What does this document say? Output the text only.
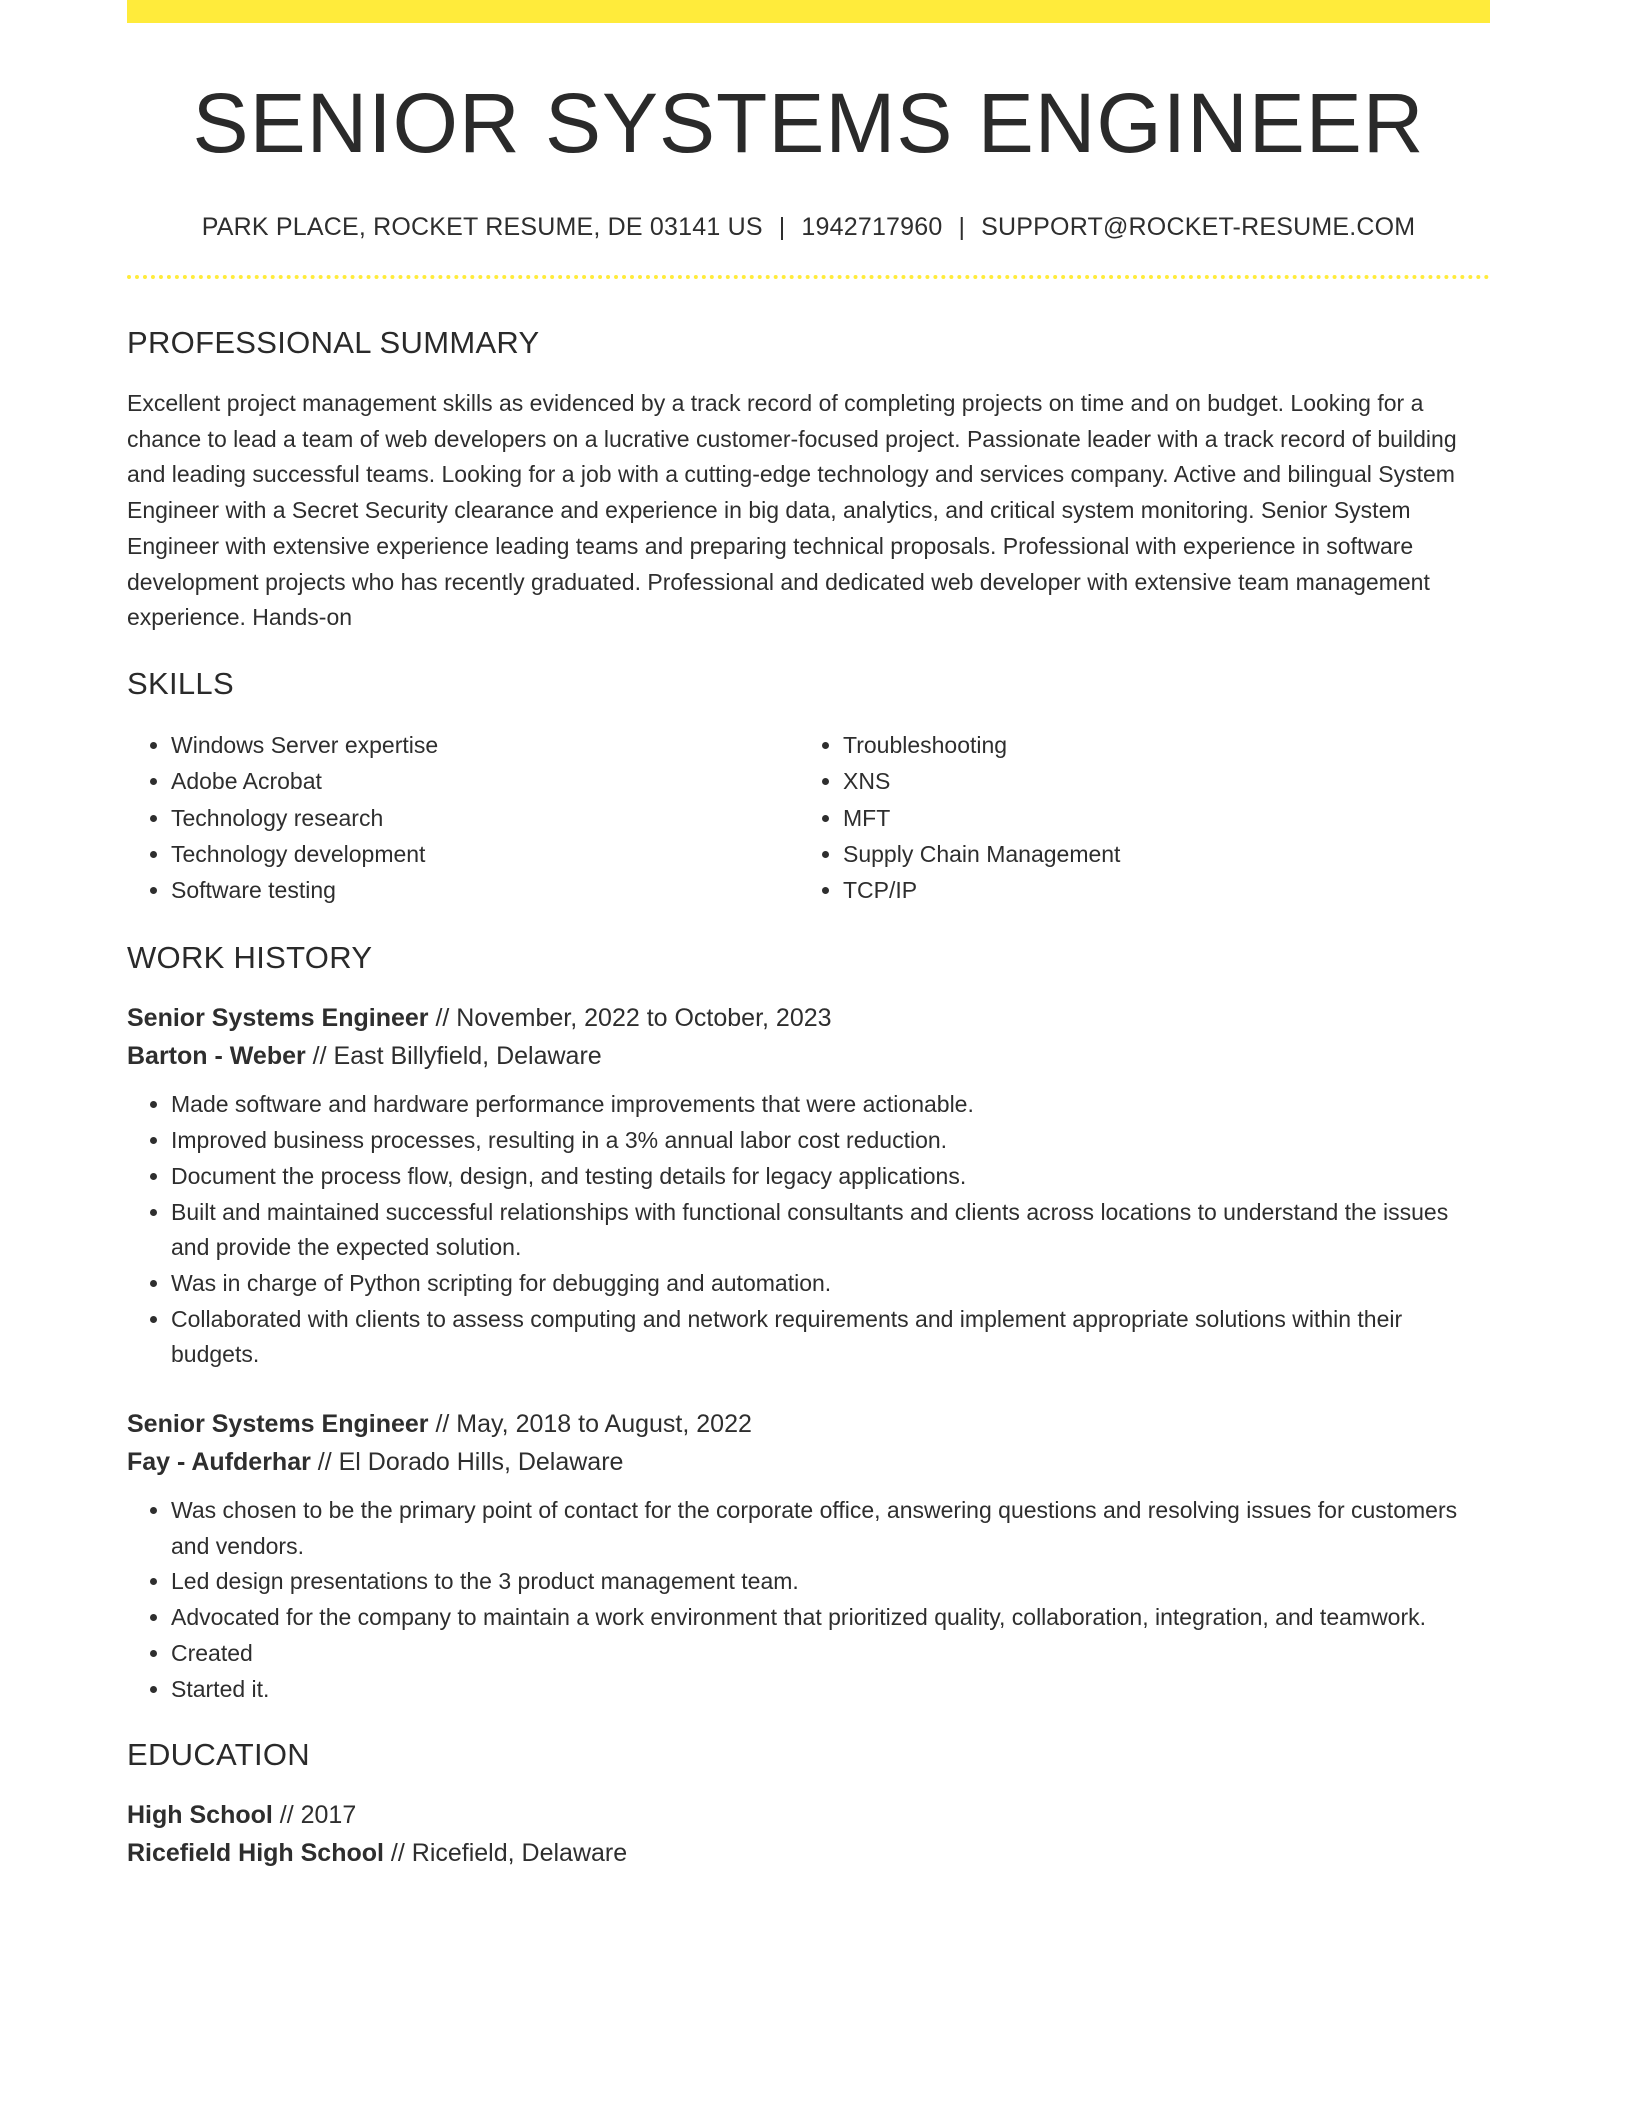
SENIOR SYSTEMS ENGINEER
PARK PLACE, ROCKET RESUME, DE 03141 US | 1942717960 | SUPPORT@ROCKET-RESUME.COM
PROFESSIONAL SUMMARY
Excellent project management skills as evidenced by a track record of completing projects on time and on budget. Looking for a chance to lead a team of web developers on a lucrative customer-focused project. Passionate leader with a track record of building and leading successful teams. Looking for a job with a cutting-edge technology and services company. Active and bilingual System Engineer with a Secret Security clearance and experience in big data, analytics, and critical system monitoring. Senior System Engineer with extensive experience leading teams and preparing technical proposals. Professional with experience in software development projects who has recently graduated. Professional and dedicated web developer with extensive team management experience. Hands-on
SKILLS
• Windows Server expertise
• Adobe Acrobat
• Technology research
• Technology development
• Software testing
• Troubleshooting
• XNS
• MFT
• Supply Chain Management
• TCP/IP
WORK HISTORY
Senior Systems Engineer // November, 2022 to October, 2023
Barton - Weber // East Billyfield, Delaware
• Made software and hardware performance improvements that were actionable.
• Improved business processes, resulting in a 3% annual labor cost reduction.
• Document the process flow, design, and testing details for legacy applications.
• Built and maintained successful relationships with functional consultants and clients across locations to understand the issues and provide the expected solution.
• Was in charge of Python scripting for debugging and automation.
• Collaborated with clients to assess computing and network requirements and implement appropriate solutions within their budgets.
Senior Systems Engineer // May, 2018 to August, 2022
Fay - Aufderhar // El Dorado Hills, Delaware
• Was chosen to be the primary point of contact for the corporate office, answering questions and resolving issues for customers and vendors.
• Led design presentations to the 3 product management team.
• Advocated for the company to maintain a work environment that prioritized quality, collaboration, integration, and teamwork.
• Created
• Started it.
EDUCATION
High School // 2017
Ricefield High School // Ricefield, Delaware
